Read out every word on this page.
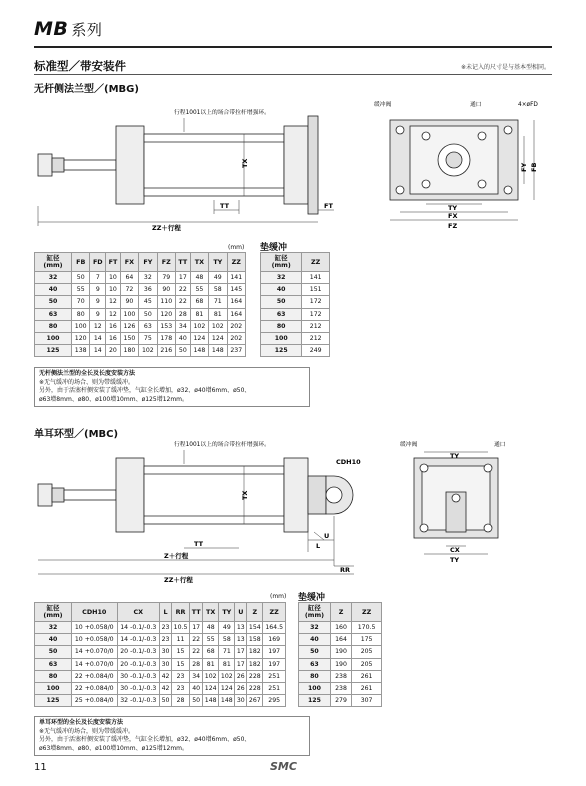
MB 系列
标准型／带安装件	※未记入的尺寸是与基本型相同。
无杆侧法兰型／(MBG)
行程1001以上的场合带拉杆增强环。
TX
TT
ZZ＋行程
FT
缓冲阀	通口	4×øFD
FY FB
TY
FX
FZ
(mm) 垫缓冲
缸径
(mm)	FB	FD	FT	FX	FY	FZ	TT	TX	TY	ZZ
32	50	7	10	64	32	79	17	48	49	141
40	55	9	10	72	36	90	22	55	58	145
50	70	9	12	90	45	110	22	68	71	164
63	80	9	12	100	50	120	28	81	81	164
80	100	12	16	126	63	153	34	102	102	202
100	120	14	16	150	75	178	40	124	124	202
125	138	14	20	180	102	216	50	148	148	237
缸径
(mm)	ZZ
32	141
40	151
50	172
63	172
80	212
100	212
125	249
无杆侧法兰型的全长及长度安装方法
※无气缓冲的场合、则为带缓缓冲。
另外，由于活塞杆侧安装了缓冲垫，气缸全长增加，ø32、ø40增6mm、ø50、
ø63增8mm、ø80、ø100增10mm、ø125增12mm。
单耳环型／(MBC)
行程1001以上的场合带拉杆增强环。
CDH10
TX
TT	L
U
Z＋行程
ZZ＋行程
RR
缓冲阀	通口
TY
CX
TY
(mm) 垫缓冲
缸径
(mm)	CDH10	CX	L	RR	TT	TX	TY	U	Z	ZZ
32	10 +0.058/0	14 -0.1/-0.3	23	10.5	17	48	49	13	154	164.5
40	10 +0.058/0	14 -0.1/-0.3	23	11	22	55	58	13	158	169
50	14 +0.070/0	20 -0.1/-0.3	30	15	22	68	71	17	182	197
63	14 +0.070/0	20 -0.1/-0.3	30	15	28	81	81	17	182	197
80	22 +0.084/0	30 -0.1/-0.3	42	23	34	102	102	26	228	251
100	22 +0.084/0	30 -0.1/-0.3	42	23	40	124	124	26	228	251
125	25 +0.084/0	32 -0.1/-0.3	50	28	50	148	148	30	267	295
缸径
(mm)	Z	ZZ
32	160	170.5
40	164	175
50	190	205
63	190	205
80	238	261
100	238	261
125	279	307
单耳环型的全长及长度安装方法
※无气缓冲的场合，则为带缓缓冲。
另外，由于活塞杆侧安装了缓冲垫，气缸全长增加，ø32、ø40增6mm、ø50、
ø63增8mm、ø80、ø100增10mm、ø125增12mm。
11	SMC
